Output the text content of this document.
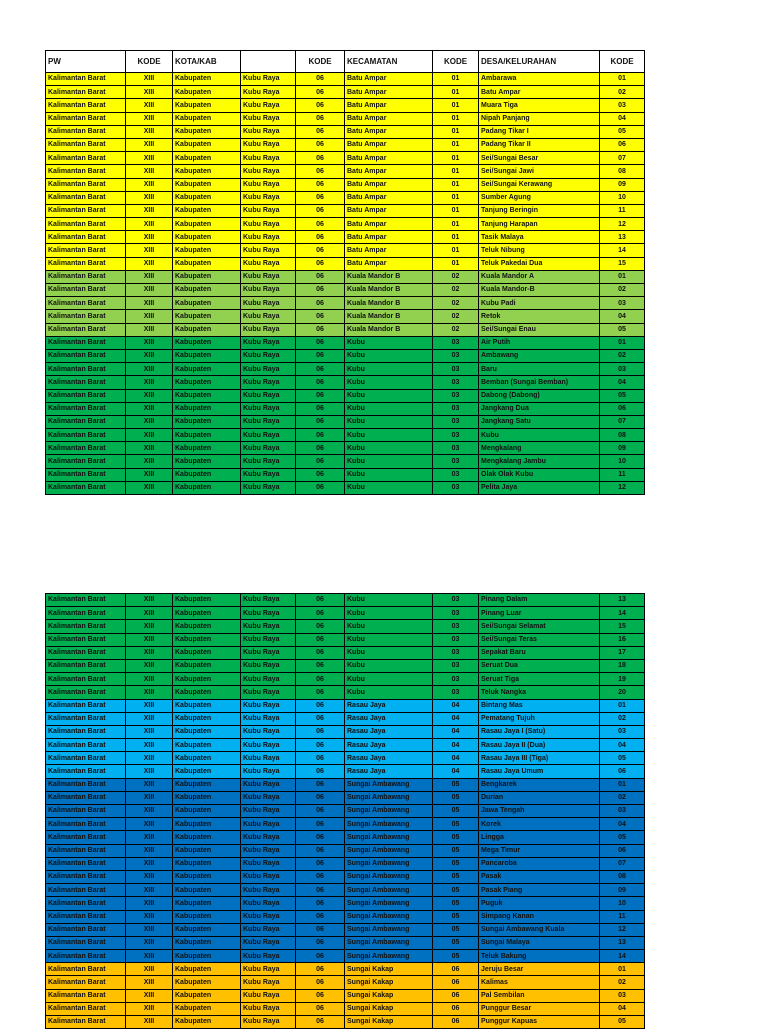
PW	KODE	KOTA/KAB		KODE	KECAMATAN	KODE	DESA/KELURAHAN	KODE
Kalimantan Barat	XIII	Kabupaten	Kubu Raya	06	Batu Ampar	01	Ambarawa	01
Kalimantan Barat	XIII	Kabupaten	Kubu Raya	06	Batu Ampar	01	Batu Ampar	02
Kalimantan Barat	XIII	Kabupaten	Kubu Raya	06	Batu Ampar	01	Muara Tiga	03
Kalimantan Barat	XIII	Kabupaten	Kubu Raya	06	Batu Ampar	01	Nipah Panjang	04
Kalimantan Barat	XIII	Kabupaten	Kubu Raya	06	Batu Ampar	01	Padang Tikar I	05
Kalimantan Barat	XIII	Kabupaten	Kubu Raya	06	Batu Ampar	01	Padang Tikar II	06
Kalimantan Barat	XIII	Kabupaten	Kubu Raya	06	Batu Ampar	01	Sei/Sungai Besar	07
Kalimantan Barat	XIII	Kabupaten	Kubu Raya	06	Batu Ampar	01	Sei/Sungai Jawi	08
Kalimantan Barat	XIII	Kabupaten	Kubu Raya	06	Batu Ampar	01	Sei/Sungai Kerawang	09
Kalimantan Barat	XIII	Kabupaten	Kubu Raya	06	Batu Ampar	01	Sumber Agung	10
Kalimantan Barat	XIII	Kabupaten	Kubu Raya	06	Batu Ampar	01	Tanjung Beringin	11
Kalimantan Barat	XIII	Kabupaten	Kubu Raya	06	Batu Ampar	01	Tanjung Harapan	12
Kalimantan Barat	XIII	Kabupaten	Kubu Raya	06	Batu Ampar	01	Tasik Malaya	13
Kalimantan Barat	XIII	Kabupaten	Kubu Raya	06	Batu Ampar	01	Teluk Nibung	14
Kalimantan Barat	XIII	Kabupaten	Kubu Raya	06	Batu Ampar	01	Teluk Pakedai Dua	15
Kalimantan Barat	XIII	Kabupaten	Kubu Raya	06	Kuala Mandor B	02	Kuala Mandor A	01
Kalimantan Barat	XIII	Kabupaten	Kubu Raya	06	Kuala Mandor B	02	Kuala Mandor-B	02
Kalimantan Barat	XIII	Kabupaten	Kubu Raya	06	Kuala Mandor B	02	Kubu Padi	03
Kalimantan Barat	XIII	Kabupaten	Kubu Raya	06	Kuala Mandor B	02	Retok	04
Kalimantan Barat	XIII	Kabupaten	Kubu Raya	06	Kuala Mandor B	02	Sei/Sungai Enau	05
Kalimantan Barat	XIII	Kabupaten	Kubu Raya	06	Kubu	03	Air Putih	01
Kalimantan Barat	XIII	Kabupaten	Kubu Raya	06	Kubu	03	Ambawang	02
Kalimantan Barat	XIII	Kabupaten	Kubu Raya	06	Kubu	03	Baru	03
Kalimantan Barat	XIII	Kabupaten	Kubu Raya	06	Kubu	03	Bemban (Sungai Bemban)	04
Kalimantan Barat	XIII	Kabupaten	Kubu Raya	06	Kubu	03	Dabong (Dabong)	05
Kalimantan Barat	XIII	Kabupaten	Kubu Raya	06	Kubu	03	Jangkang Dua	06
Kalimantan Barat	XIII	Kabupaten	Kubu Raya	06	Kubu	03	Jangkang Satu	07
Kalimantan Barat	XIII	Kabupaten	Kubu Raya	06	Kubu	03	Kubu	08
Kalimantan Barat	XIII	Kabupaten	Kubu Raya	06	Kubu	03	Mengkalang	09
Kalimantan Barat	XIII	Kabupaten	Kubu Raya	06	Kubu	03	Mengkalang Jambu	10
Kalimantan Barat	XIII	Kabupaten	Kubu Raya	06	Kubu	03	Olak Olak Kubu	11
Kalimantan Barat	XIII	Kabupaten	Kubu Raya	06	Kubu	03	Pelita Jaya	12
Kalimantan Barat	XIII	Kabupaten	Kubu Raya	06	Kubu	03	Pinang Dalam	13
Kalimantan Barat	XIII	Kabupaten	Kubu Raya	06	Kubu	03	Pinang Luar	14
Kalimantan Barat	XIII	Kabupaten	Kubu Raya	06	Kubu	03	Sei/Sungai Selamat	15
Kalimantan Barat	XIII	Kabupaten	Kubu Raya	06	Kubu	03	Sei/Sungai Teras	16
Kalimantan Barat	XIII	Kabupaten	Kubu Raya	06	Kubu	03	Sepakat Baru	17
Kalimantan Barat	XIII	Kabupaten	Kubu Raya	06	Kubu	03	Seruat Dua	18
Kalimantan Barat	XIII	Kabupaten	Kubu Raya	06	Kubu	03	Seruat Tiga	19
Kalimantan Barat	XIII	Kabupaten	Kubu Raya	06	Kubu	03	Teluk Nangka	20
Kalimantan Barat	XIII	Kabupaten	Kubu Raya	06	Rasau Jaya	04	Bintang Mas	01
Kalimantan Barat	XIII	Kabupaten	Kubu Raya	06	Rasau Jaya	04	Pematang Tujuh	02
Kalimantan Barat	XIII	Kabupaten	Kubu Raya	06	Rasau Jaya	04	Rasau Jaya I (Satu)	03
Kalimantan Barat	XIII	Kabupaten	Kubu Raya	06	Rasau Jaya	04	Rasau Jaya II (Dua)	04
Kalimantan Barat	XIII	Kabupaten	Kubu Raya	06	Rasau Jaya	04	Rasau Jaya III (Tiga)	05
Kalimantan Barat	XIII	Kabupaten	Kubu Raya	06	Rasau Jaya	04	Rasau Jaya Umum	06
Kalimantan Barat	XIII	Kabupaten	Kubu Raya	06	Sungai Ambawang	05	Bengkarek	01
Kalimantan Barat	XIII	Kabupaten	Kubu Raya	06	Sungai Ambawang	05	Durian	02
Kalimantan Barat	XIII	Kabupaten	Kubu Raya	06	Sungai Ambawang	05	Jawa Tengah	03
Kalimantan Barat	XIII	Kabupaten	Kubu Raya	06	Sungai Ambawang	05	Korek	04
Kalimantan Barat	XIII	Kabupaten	Kubu Raya	06	Sungai Ambawang	05	Lingga	05
Kalimantan Barat	XIII	Kabupaten	Kubu Raya	06	Sungai Ambawang	05	Mega Timur	06
Kalimantan Barat	XIII	Kabupaten	Kubu Raya	06	Sungai Ambawang	05	Pancaroba	07
Kalimantan Barat	XIII	Kabupaten	Kubu Raya	06	Sungai Ambawang	05	Pasak	08
Kalimantan Barat	XIII	Kabupaten	Kubu Raya	06	Sungai Ambawang	05	Pasak Piang	09
Kalimantan Barat	XIII	Kabupaten	Kubu Raya	06	Sungai Ambawang	05	Puguk	10
Kalimantan Barat	XIII	Kabupaten	Kubu Raya	06	Sungai Ambawang	05	Simpang Kanan	11
Kalimantan Barat	XIII	Kabupaten	Kubu Raya	06	Sungai Ambawang	05	Sungai Ambawang Kuala	12
Kalimantan Barat	XIII	Kabupaten	Kubu Raya	06	Sungai Ambawang	05	Sungai Malaya	13
Kalimantan Barat	XIII	Kabupaten	Kubu Raya	06	Sungai Ambawang	05	Teluk Bakung	14
Kalimantan Barat	XIII	Kabupaten	Kubu Raya	06	Sungai Kakap	06	Jeruju Besar	01
Kalimantan Barat	XIII	Kabupaten	Kubu Raya	06	Sungai Kakap	06	Kalimas	02
Kalimantan Barat	XIII	Kabupaten	Kubu Raya	06	Sungai Kakap	06	Pal Sembilan	03
Kalimantan Barat	XIII	Kabupaten	Kubu Raya	06	Sungai Kakap	06	Punggur Besar	04
Kalimantan Barat	XIII	Kabupaten	Kubu Raya	06	Sungai Kakap	06	Punggur Kapuas	05
